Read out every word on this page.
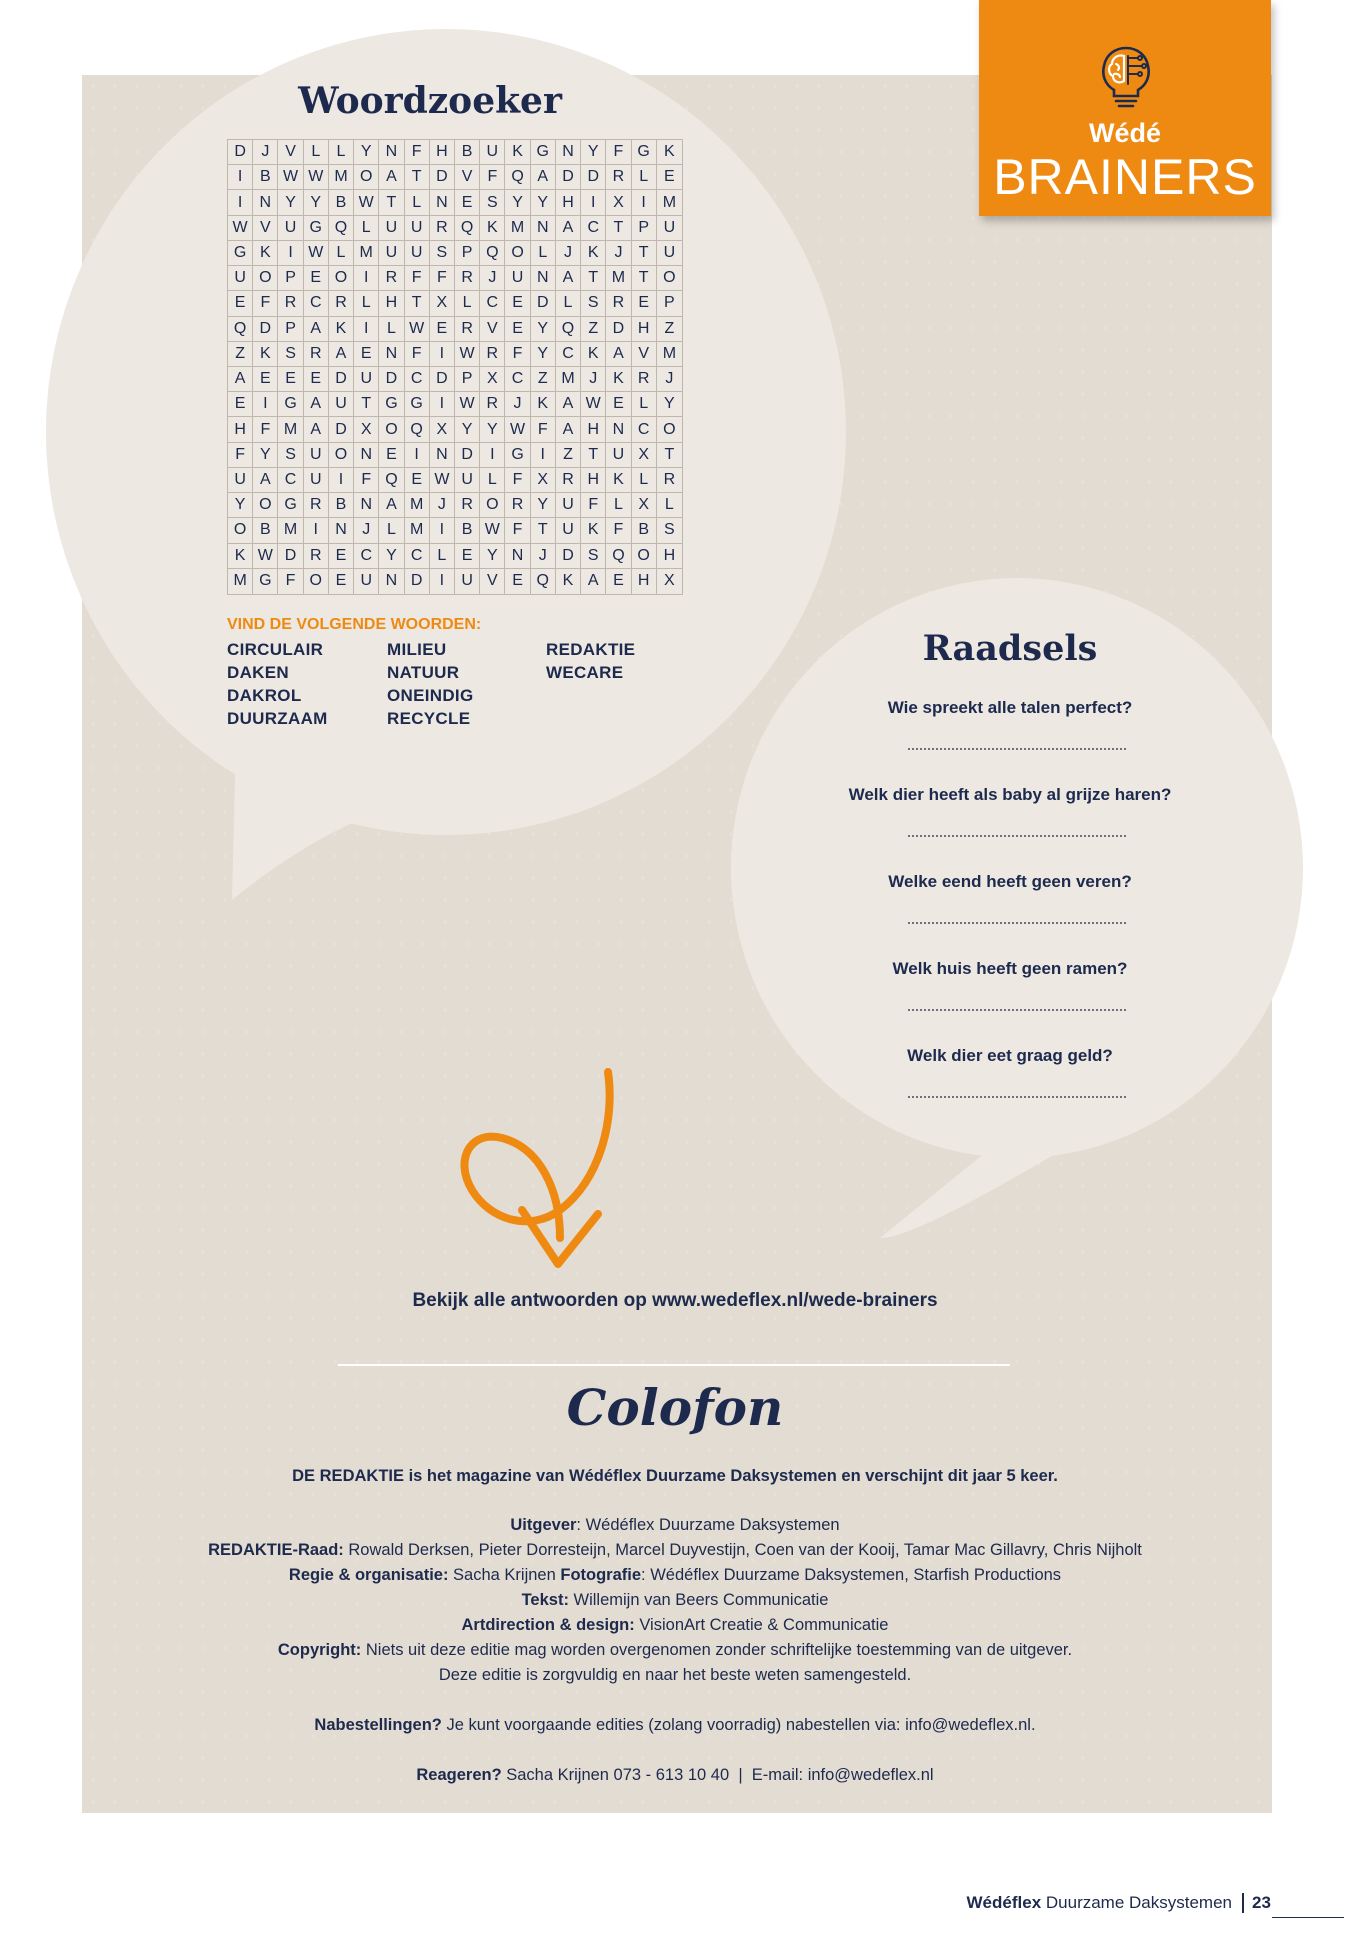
Wédé
BRAINERS
Woordzoeker
D J V L	L Y N F H B U K G N Y F G K
I	B W W M O A T D V F Q A D D R L E
I	N Y Y B W T L N E S Y Y H	I	X	I	M
W V U G Q L U U R Q K M N A C T P U
G K	I W L M U U S P Q O L	J K J	T U
U O P E O	I	R F F R J U N A T M T O
E F R C R L H T X L C E D L S R E P
Q D P A K	I	L W E R V E Y Q Z D H Z
Z K S R A E N F	I W R F Y C K A V M
A E E E D U D C D P X C Z M J K R J
E	I	G A U T G G	I W R J K A W E L Y
H F M A D X O Q X Y Y W F A H N C O
F Y S U O N E	I	N D	I	G	I	Z T U X T
U A C U	I	F Q E W U L F X R H K L R
Y O G R B N A M J R O R Y U F L X L
O B M	I	N J	L M	I	B W F T U K F B S
K W D R E C Y C L E Y N J D S Q O H
M G F O E U N D	I	U V E Q K A E H X
VIND DE VOLGENDE WOORDEN:
CIRCULAIR
DAKEN
DAKROL
DUURZAAM
MILIEU
NATUUR
ONEINDIG
RECYCLE
REDAKTIE
WECARE
Raadsels
Wie spreekt alle talen perfect?
Welk dier heeft als baby al grijze haren?
Welke eend heeft geen veren?
Welk huis heeft geen ramen?
Welk dier eet graag geld?
Bekijk alle antwoorden op www.wedeflex.nl/wede-brainers
Colofon
DE REDAKTIE is het magazine van Wédéflex Duurzame Daksystemen en verschijnt dit jaar 5 keer.
Uitgever: Wédéflex Duurzame Daksystemen
REDAKTIE-Raad: Rowald Derksen, Pieter Dorresteijn, Marcel Duyvestijn, Coen van der Kooij, Tamar Mac Gillavry, Chris Nijholt
Regie & organisatie: Sacha Krijnen Fotografie: Wédéflex Duurzame Daksystemen, Starfish Productions
Tekst: Willemijn van Beers Communicatie
Artdirection & design: VisionArt Creatie & Communicatie
Copyright: Niets uit deze editie mag worden overgenomen zonder schriftelijke toestemming van de uitgever.
Deze editie is zorgvuldig en naar het beste weten samengesteld.
Nabestellingen? Je kunt voorgaande edities (zolang voorradig) nabestellen via: info@wedeflex.nl.
Reageren? Sacha Krijnen 073 - 613 10 40  |  E-mail: info@wedeflex.nl
Wédéflex Duurzame Daksystemen 23
